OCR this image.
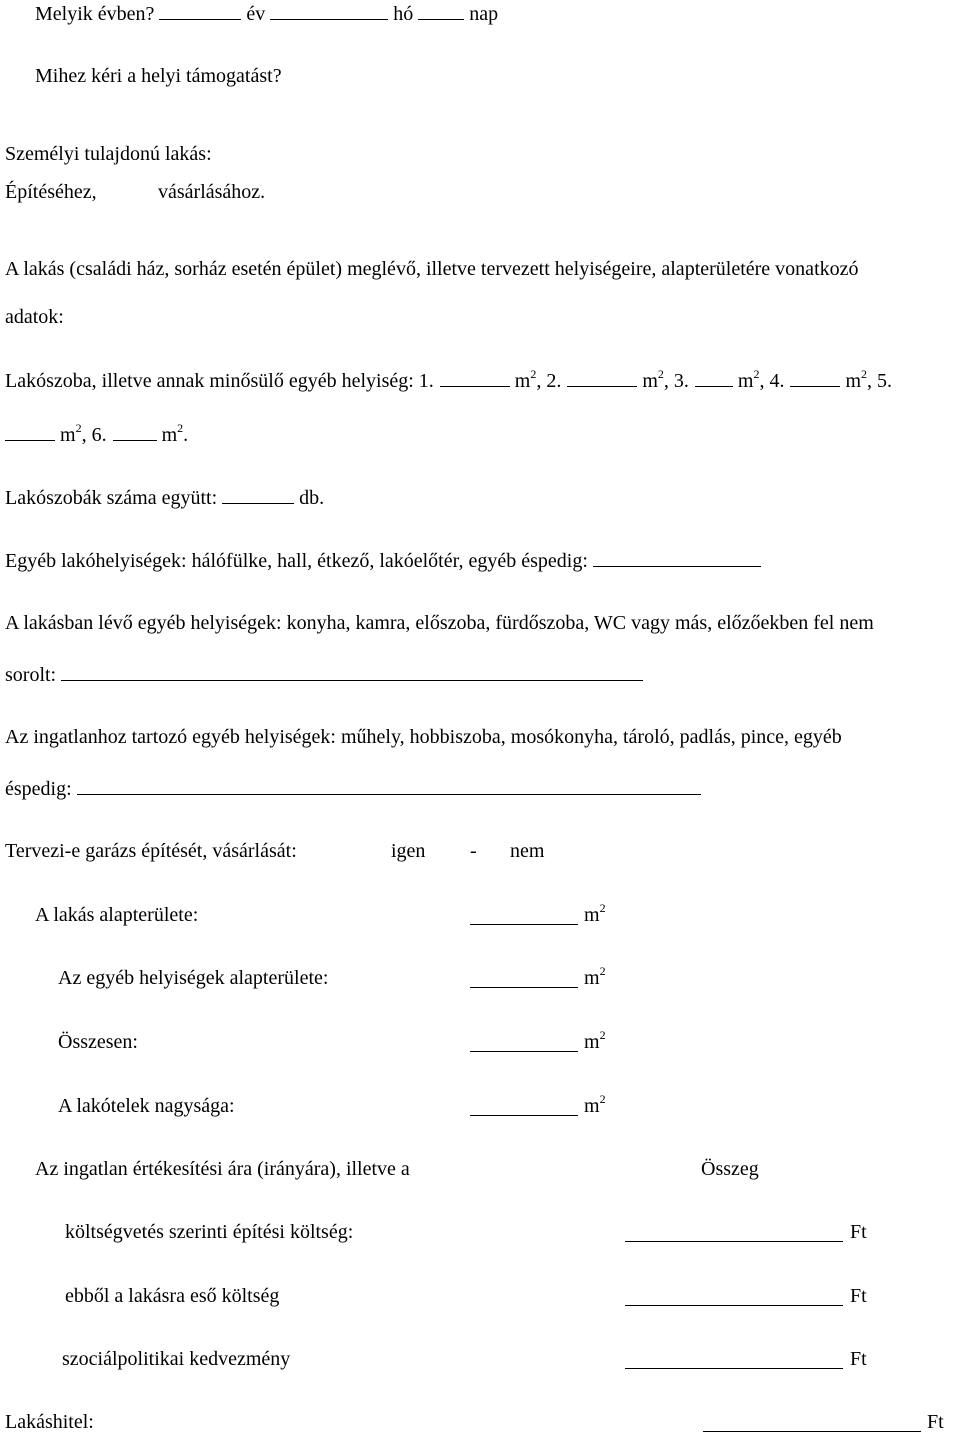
Melyik évben?	év	hó	nap
Mihez kéri a helyi támogatást?
Személyi tulajdonú lakás:
Építéséhez,	vásárlásához.
A lakás (családi ház, sorház esetén épület) meglévő, illetve tervezett helyiségeire, alapterületére vonatkozó
adatok:
Lakószoba, illetve annak minősülő egyéb helyiség: 1.	$m^2$, 2.	$m^2$, 3. $m^2$, 4.	$m^2$, 5.
$m^2$, 6.	$m^2$.
Lakószobák száma együtt:	db.
Egyéb lakóhelyiségek: hálófülke, hall, étkező, lakóelőtér, egyéb éspedig:
A lakásban lévő egyéb helyiségek: konyha, kamra, előszoba, fürdőszoba, WC vagy más, előzőekben fel nem
sorolt:
Az ingatlanhoz tartozó egyéb helyiségek: műhely, hobbiszoba, mosókonyha, tároló, padlás, pince, egyéb
éspedig:
Tervezi-e garázs építését, vásárlását:	igen - nem
A lakás alapterülete:	$m^2$
Az egyéb helyiségek alapterülete:	$m^2$
Összesen:	$m^2$
A lakótelek nagysága:	$m^2$
Az ingatlan értékesítési ára (irányára), illetve a	Összeg
költségvetés szerinti építési költség:	Ft
ebből a lakásra eső költség	Ft
szociálpolitikai kedvezmény	Ft
Lakáshitel:	Ft
